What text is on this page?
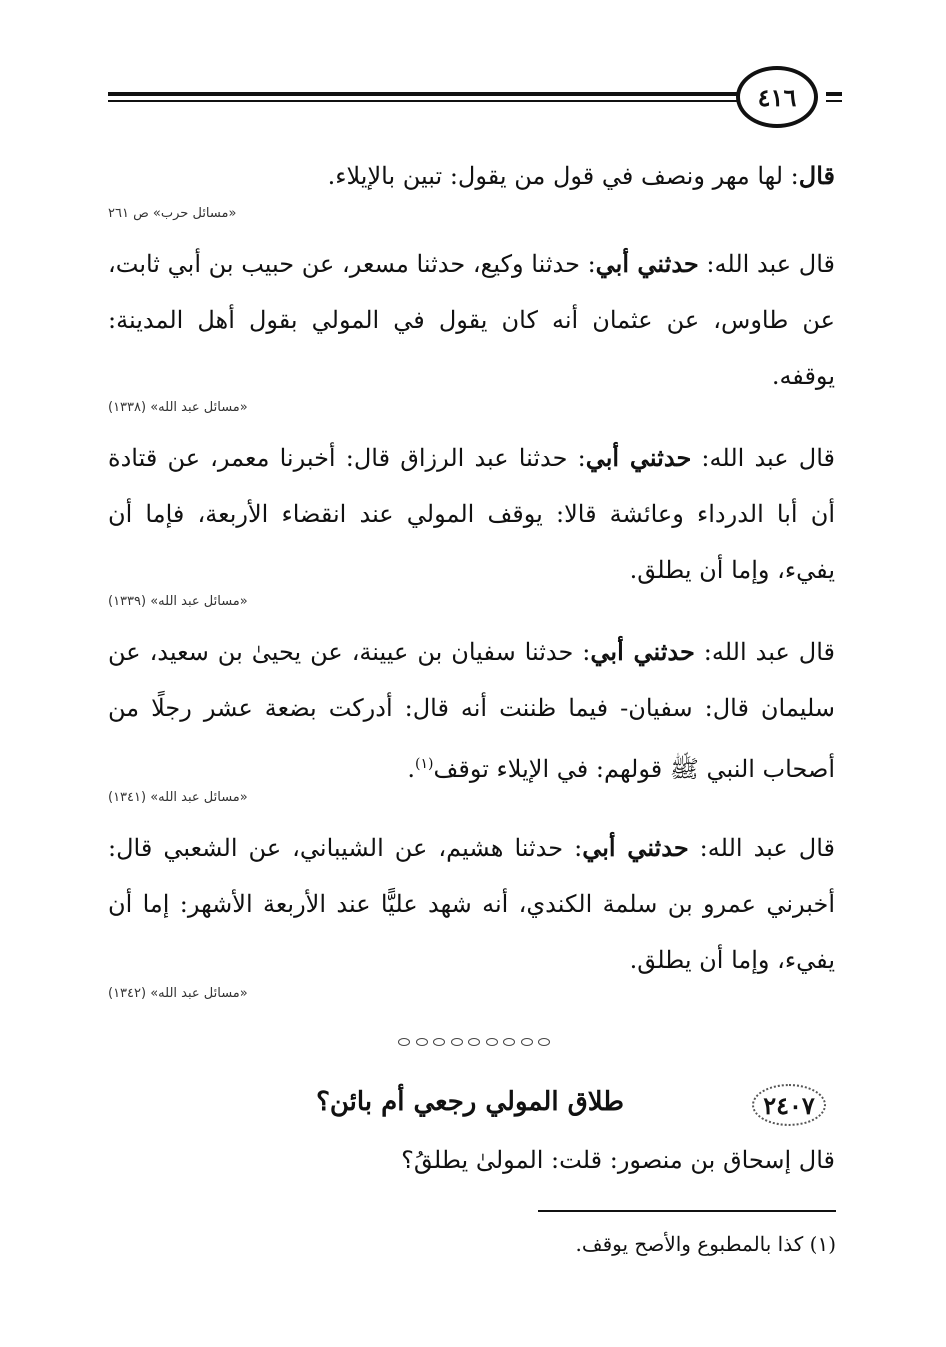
٤١٦
قال: لها مهر ونصف في قول من يقول: تبين بالإيلاء.
«مسائل حرب» ص ٢٦١
قال عبد الله: حدثني أبي: حدثنا وكيع، حدثنا مسعر، عن حبيب بن أبي ثابت، عن طاوس، عن عثمان أنه كان يقول في المولي بقول أهل المدينة: يوقفه.
«مسائل عبد الله» (١٣٣٨)
قال عبد الله: حدثني أبي: حدثنا عبد الرزاق قال: أخبرنا معمر، عن قتادة أن أبا الدرداء وعائشة قالا: يوقف المولي عند انقضاء الأربعة، فإما أن يفيء، وإما أن يطلق.
«مسائل عبد الله» (١٣٣٩)
قال عبد الله: حدثني أبي: حدثنا سفيان بن عيينة، عن يحيىٰ بن سعيد، عن سليمان قال: سفيان- فيما ظننت أنه قال: أدركت بضعة عشر رجلًا من أصحاب النبي ﷺ قولهم: في الإيلاء توقف$^{(١)}$.
«مسائل عبد الله» (١٣٤١)
قال عبد الله: حدثني أبي: حدثنا هشيم، عن الشيباني، عن الشعبي قال: أخبرني عمرو بن سلمة الكندي، أنه شهد عليًّا عند الأربعة الأشهر: إما أن يفيء، وإما أن يطلق.
«مسائل عبد الله» (١٣٤٢)
٢٤٠٧
طلاق المولي رجعي أم بائن؟
قال إسحاق بن منصور: قلت: المولىٰ يطلقُ؟
(١) كذا بالمطبوع والأصح يوقف.
